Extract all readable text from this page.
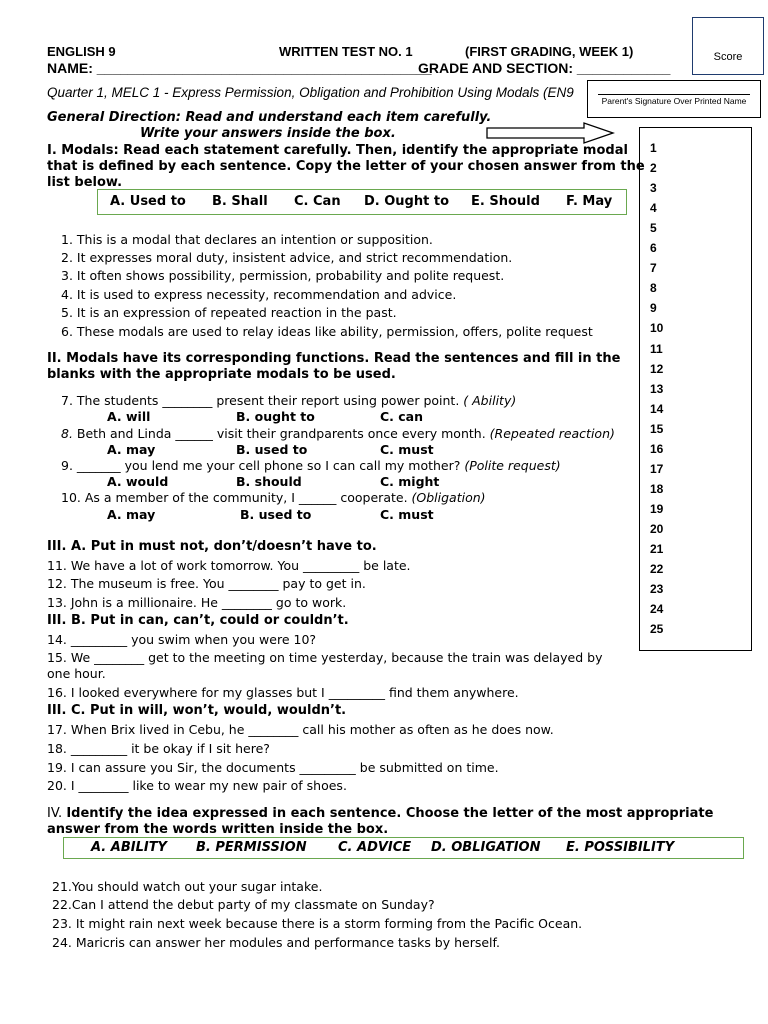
ENGLISH 9	WRITTEN TEST NO. 1	(FIRST GRADING, WEEK 1)
NAME: ___________________________________________
GRADE AND SECTION: ____________
Score
Quarter 1, MELC 1 - Express Permission, Obligation and Prohibition Using Modals (EN9
Parent's Signature Over Printed Name
General Direction: Read and understand each item carefully.
Write your answers inside the box.
1
2
3
4
5
6
7
8
9
10
11
12
13
14
15
16
17
18
19
20
21
22
23
24
25
I. Modals: Read each statement carefully. Then, identify the appropriate modal
that is defined by each sentence. Copy the letter of your chosen answer from the
list below.
A. Used to B. Shall C. Can D. Ought to E. Should F. May
1. This is a modal that declares an intention or supposition.
2. It expresses moral duty, insistent advice, and strict recommendation.
3. It often shows possibility, permission, probability and polite request.
4. It is used to express necessity, recommendation and advice.
5. It is an expression of repeated reaction in the past.
6. These modals are used to relay ideas like ability, permission, offers, polite request
II. Modals have its corresponding functions. Read the sentences and fill in the
blanks with the appropriate modals to be used.
7. The students ________ present their report using power point. ( Ability)
A. will	B. ought to	C. can
8. Beth and Linda ______ visit their grandparents once every month. (Repeated reaction)
A. may	B. used to	C. must
9. _______ you lend me your cell phone so I can call my mother? (Polite request)
A. would	B. should	C. might
10. As a member of the community, I ______ cooperate. (Obligation)
A. may	B. used to	C. must
III. A. Put in must not, don’t/doesn’t have to.
11. We have a lot of work tomorrow. You _________ be late.
12. The museum is free. You ________ pay to get in.
13. John is a millionaire. He ________ go to work.
III. B. Put in can, can’t, could or couldn’t.
14. _________ you swim when you were 10?
15. We ________ get to the meeting on time yesterday, because the train was delayed by
one hour.
16. I looked everywhere for my glasses but I _________ find them anywhere.
III. C. Put in will, won’t, would, wouldn’t.
17. When Brix lived in Cebu, he ________ call his mother as often as he does now.
18. _________ it be okay if I sit here?
19. I can assure you Sir, the documents _________ be submitted on time.
20. I ________ like to wear my new pair of shoes.
IV. Identify the idea expressed in each sentence. Choose the letter of the most appropriate
answer from the words written inside the box.
A. ABILITY B. PERMISSION C. ADVICE D. OBLIGATION E. POSSIBILITY
21.You should watch out your sugar intake.
22.Can I attend the debut party of my classmate on Sunday?
23. It might rain next week because there is a storm forming from the Pacific Ocean.
24. Maricris can answer her modules and performance tasks by herself.
